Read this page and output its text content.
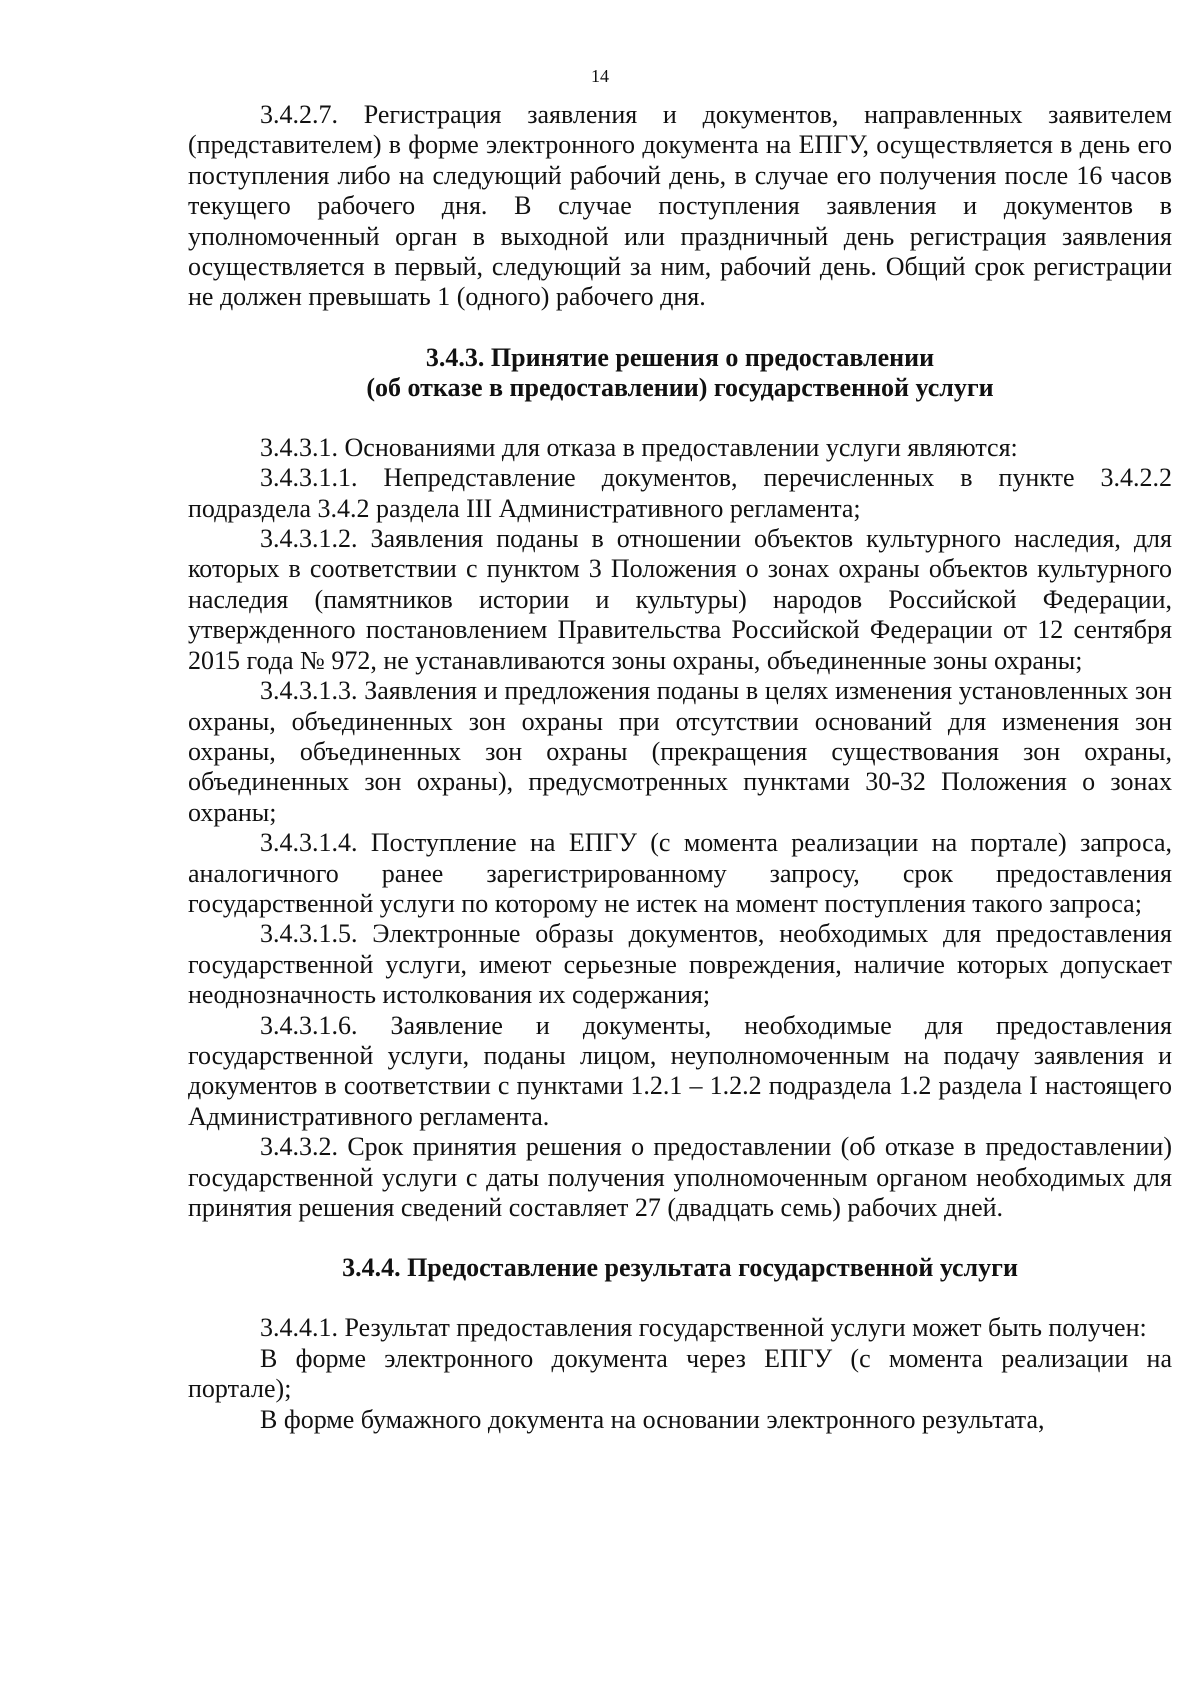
14

3.4.2.7. Регистрация заявления и документов, направленных заявителем (представителем) в форме электронного документа на ЕПГУ, осуществляется в день его поступления либо на следующий рабочий день, в случае его получения после 16 часов текущего рабочего дня. В случае поступления заявления и документов в уполномоченный орган в выходной или праздничный день регистрация заявления осуществляется в первый, следующий за ним, рабочий день. Общий срок регистрации не должен превышать 1 (одного) рабочего дня.

3.4.3. Принятие решения о предоставлении
(об отказе в предоставлении) государственной услуги

3.4.3.1. Основаниями для отказа в предоставлении услуги являются:

3.4.3.1.1. Непредставление документов, перечисленных в пункте 3.4.2.2 подраздела 3.4.2 раздела III Административного регламента;

3.4.3.1.2. Заявления поданы в отношении объектов культурного наследия, для которых в соответствии с пунктом 3 Положения о зонах охраны объектов культурного наследия (памятников истории и культуры) народов Российской Федерации, утвержденного постановлением Правительства Российской Федерации от 12 сентября 2015 года № 972, не устанавливаются зоны охраны, объединенные зоны охраны;

3.4.3.1.3. Заявления и предложения поданы в целях изменения установленных зон охраны, объединенных зон охраны при отсутствии оснований для изменения зон охраны, объединенных зон охраны (прекращения существования зон охраны, объединенных зон охраны), предусмотренных пунктами 30-32 Положения о зонах охраны;

3.4.3.1.4. Поступление на ЕПГУ (с момента реализации на портале) запроса, аналогичного ранее зарегистрированному запросу, срок предоставления государственной услуги по которому не истек на момент поступления такого запроса;

3.4.3.1.5. Электронные образы документов, необходимых для предоставления государственной услуги, имеют серьезные повреждения, наличие которых допускает неоднозначность истолкования их содержания;

3.4.3.1.6. Заявление и документы, необходимые для предоставления государственной услуги, поданы лицом, неуполномоченным на подачу заявления и документов в соответствии с пунктами 1.2.1 – 1.2.2 подраздела 1.2 раздела I настоящего Административного регламента.

3.4.3.2. Срок принятия решения о предоставлении (об отказе в предоставлении) государственной услуги с даты получения уполномоченным органом необходимых для принятия решения сведений составляет 27 (двадцать семь) рабочих дней.

3.4.4. Предоставление результата государственной услуги

3.4.4.1. Результат предоставления государственной услуги может быть получен:

В форме электронного документа через ЕПГУ (с момента реализации на портале);

В форме бумажного документа на основании электронного результата,
